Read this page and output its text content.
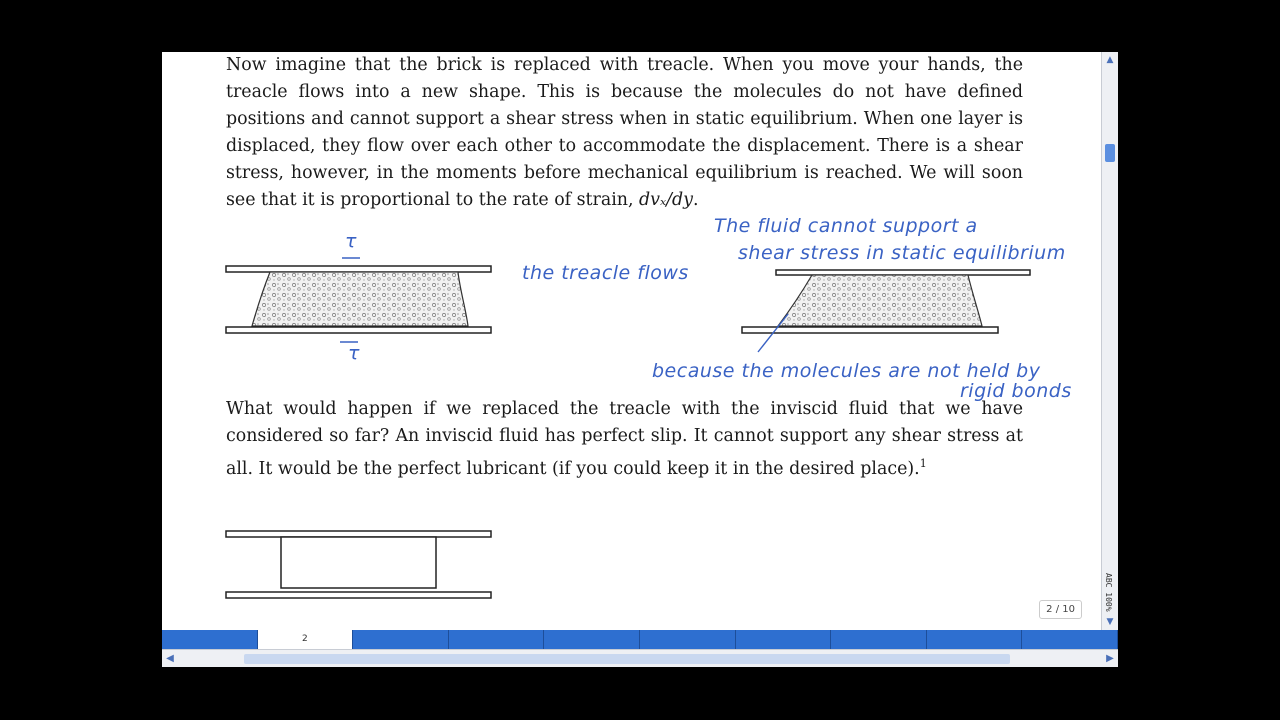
Now imagine that the brick is replaced with treacle. When you move your hands, the treacle flows into a new shape. This is because the molecules do not have defined positions and cannot support a shear stress when in static equilibrium. When one layer is displaced, they flow over each other to accommodate the displacement. There is a shear stress, however, in the moments before mechanical equilibrium is reached. We will soon see that it is proportional to the rate of strain, dvₓ/dy.

What would happen if we replaced the treacle with the inviscid fluid that we have considered so far? An inviscid fluid has perfect slip. It cannot support any shear stress at all. It would be the perfect lubricant (if you could keep it in the desired place).$^1$

τ
τ
the treacle flows
The fluid cannot support a
shear stress in static equilibrium
because the molecules are not held by
rigid bonds
2 / 10
▲
ABC 100%
▼
2
◀	▶
